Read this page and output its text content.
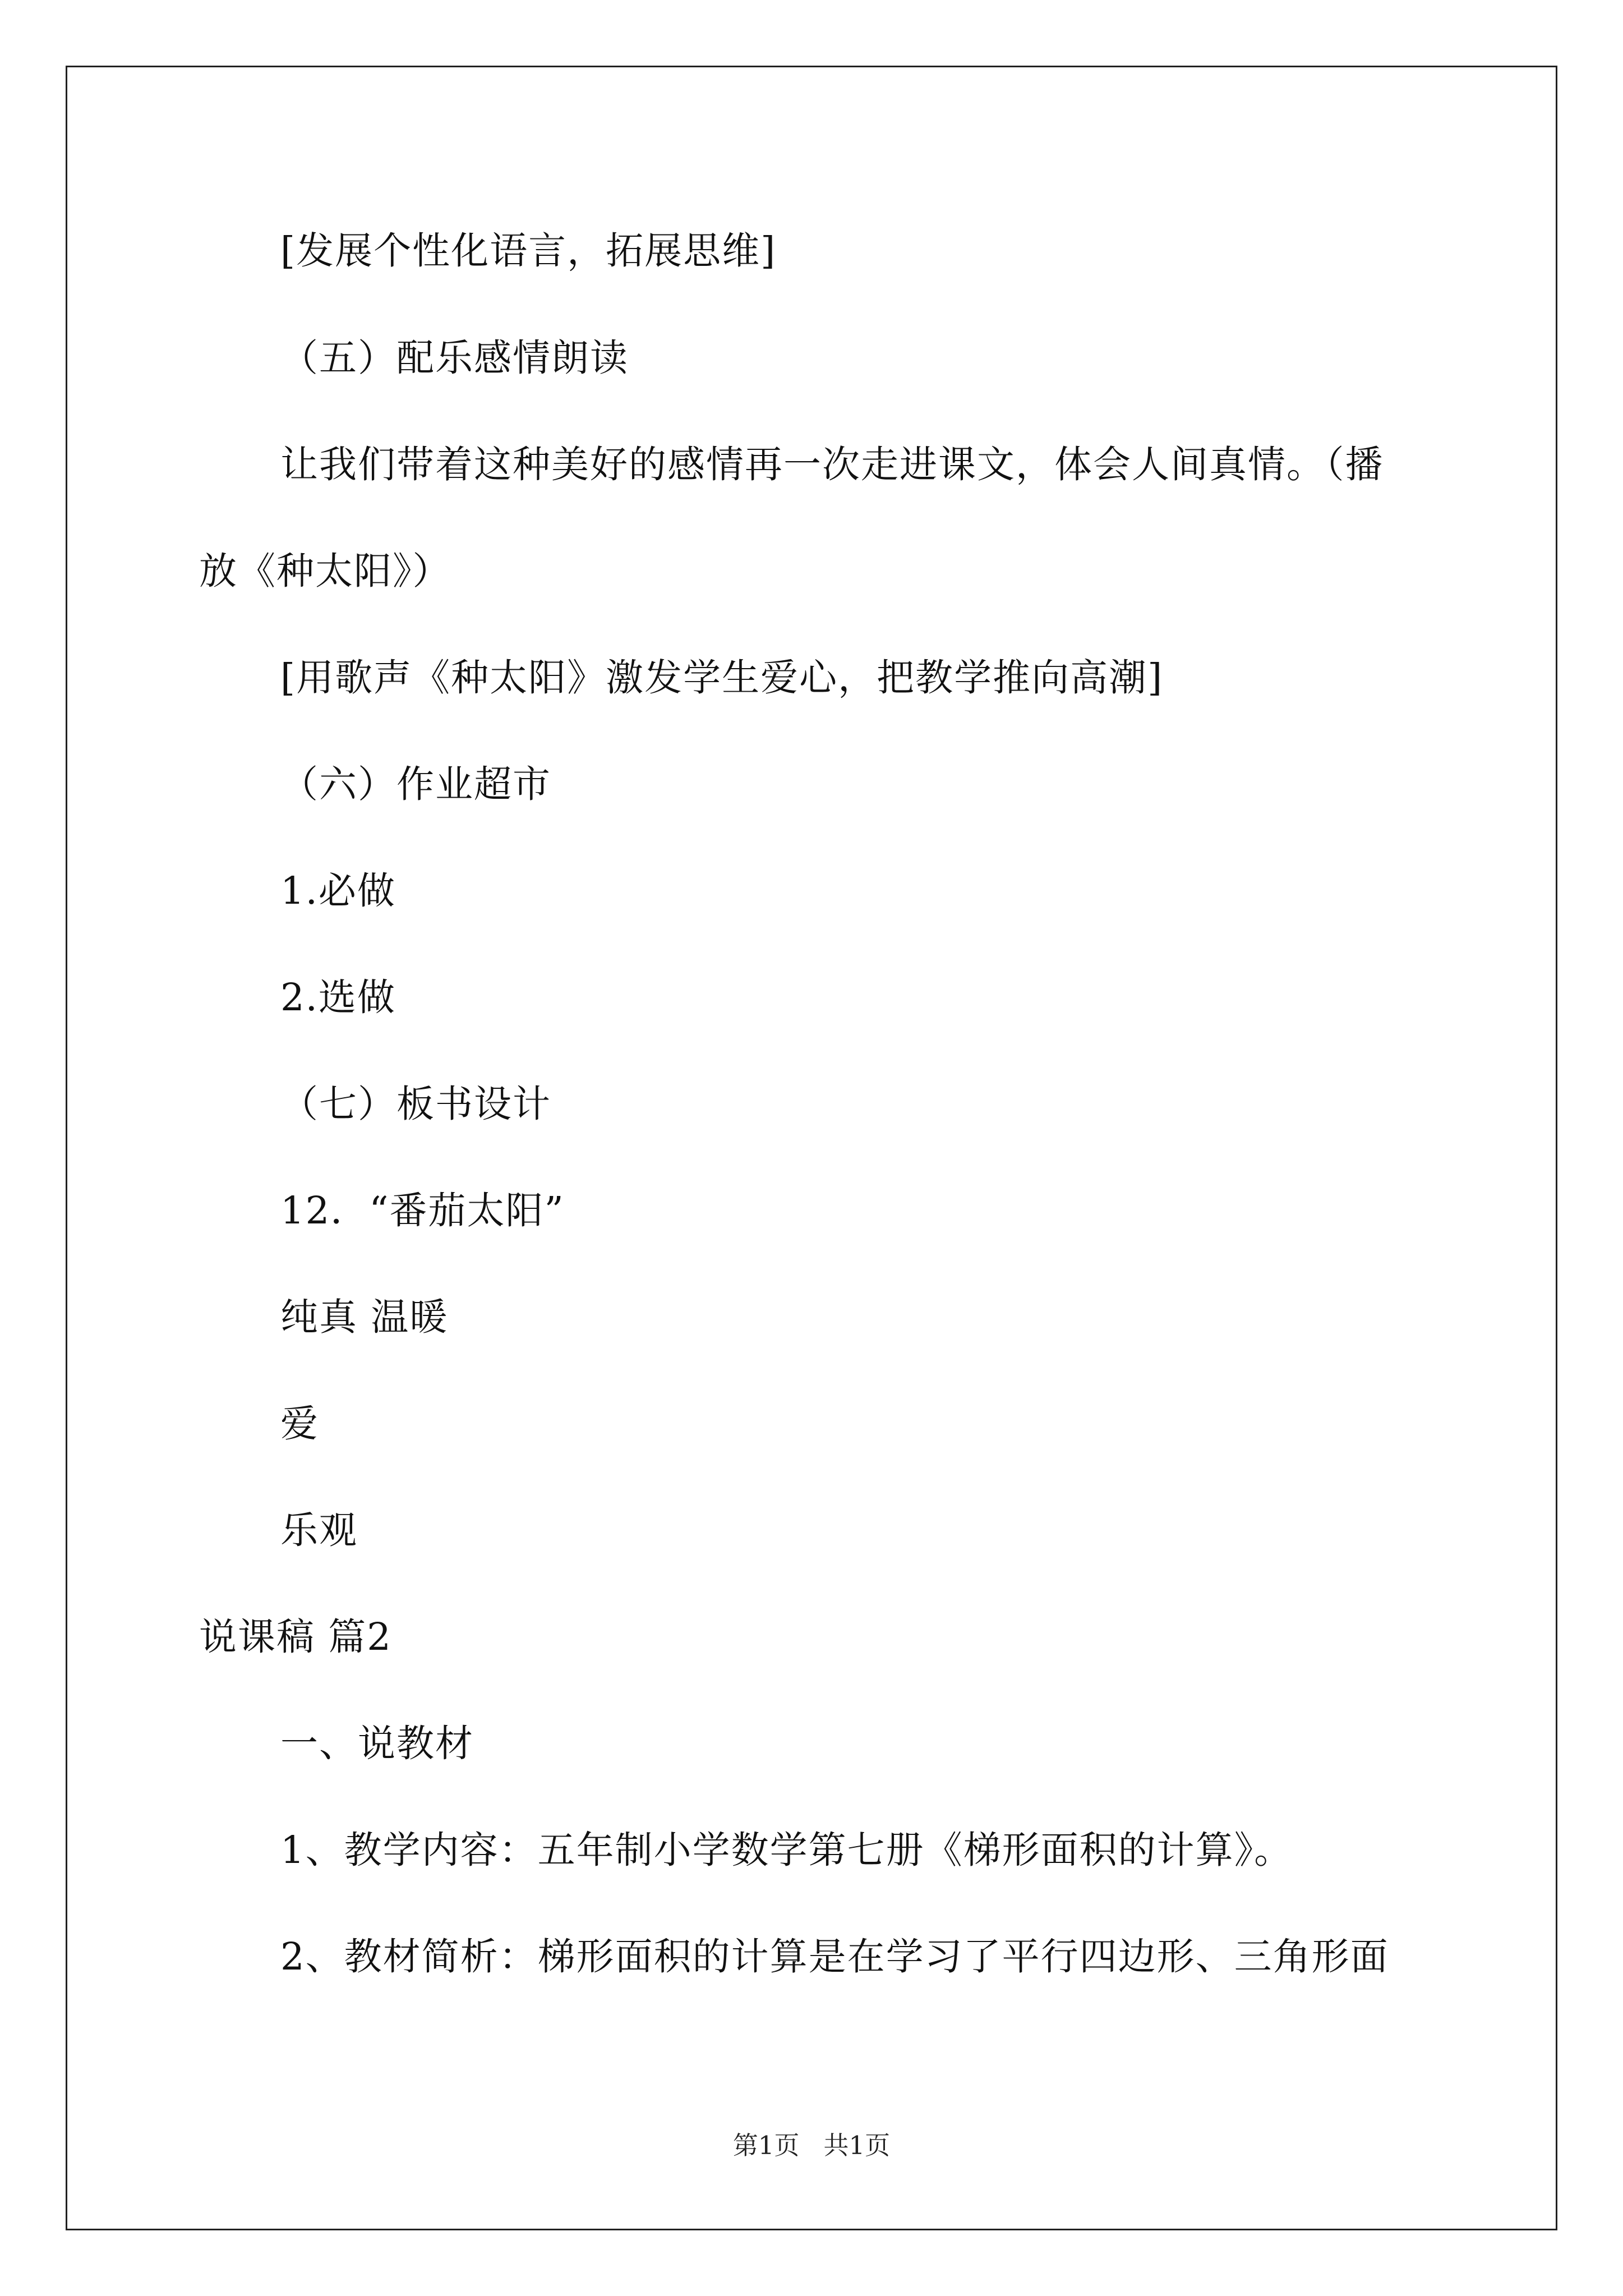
[发展个性化语言，拓展思维]
（五）配乐感情朗读
让我们带着这种美好的感情再一次走进课文，体会人间真情。（播
放《种太阳》）
[用歌声《种太阳》激发学生爱心，把教学推向高潮]
（六）作业超市
1.必做
2.选做
（七）板书设计
12．“番茄太阳”
纯真 温暖
爱
乐观
说课稿 篇2
一、说教材
1、教学内容：五年制小学数学第七册《梯形面积的计算》。
2、教材简析：梯形面积的计算是在学习了平行四边形、三角形面
第1页   共1页
